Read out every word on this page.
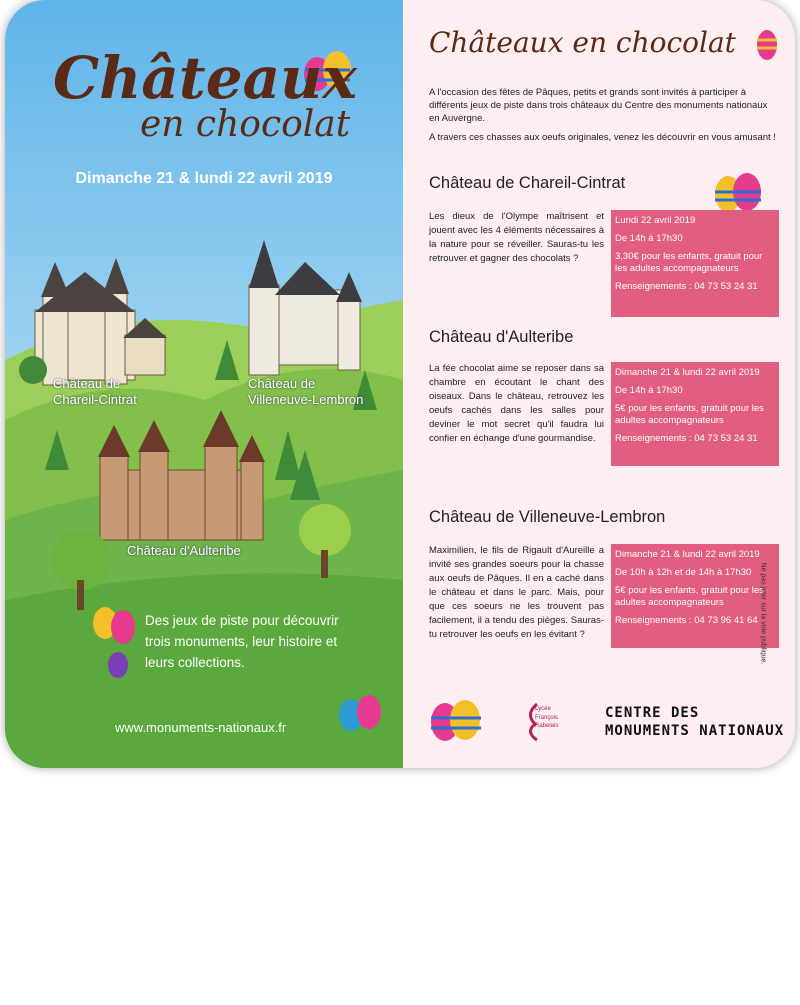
Châteaux
en chocolat
Dimanche 21 & lundi 22 avril 2019
Château de
Chareil-Cintrat
Château de
Villeneuve-Lembron
Château d'Aulteribe
Des jeux de piste pour découvrir trois monuments, leur histoire et leurs collections.
www.monuments-nationaux.fr
Châteaux en chocolat
A l'occasion des fêtes de Pâques, petits et grands sont invités à participer à différents jeux de piste dans trois châteaux du Centre des monuments nationaux en Auvergne.
A travers ces chasses aux oeufs originales, venez les découvrir en vous amusant !
Château de Chareil-Cintrat
Les dieux de l'Olympe maîtrisent et jouent avec les 4 éléments nécessaires à la nature pour se réveiller. Sauras-tu les retrouver et gagner des chocolats ?
Lundi 22 avril 2019
De 14h à 17h30
3,30€ pour les enfants, gratuit pour les adultes accompagnateurs
Renseignements : 04 73 53 24 31
Château d'Aulteribe
La fée chocolat aime se reposer dans sa chambre en écoutant le chant des oiseaux. Dans le château, retrouvez les oeufs cachés dans les salles pour deviner le mot secret qu'il faudra lui confier en échange d'une gourmandise.
Dimanche 21 & lundi 22 avril 2019
De 14h à 17h30
5€ pour les enfants, gratuit pour les adultes accompagnateurs
Renseignements : 04 73 53 24 31
Château de Villeneuve-Lembron
Maximilien, le fils de Rigault d'Aureille a invité ses grandes soeurs pour la chasse aux oeufs de Pâques. Il en a caché dans le château et dans le parc. Mais, pour que ces soeurs ne les trouvent pas facilement, il a tendu des pièges. Sauras-tu retrouver les oeufs en les évitant ?
Dimanche 21 & lundi 22 avril 2019
De 10h à 12h et de 14h à 17h30
5€ pour les enfants, gratuit pour les adultes accompagnateurs
Renseignements : 04 73 96 41 64 Ne pas jeter sur la voie publique.
Lycée
François
Rabelais
CENTRE DES
MONUMENTS NATIONAUX
